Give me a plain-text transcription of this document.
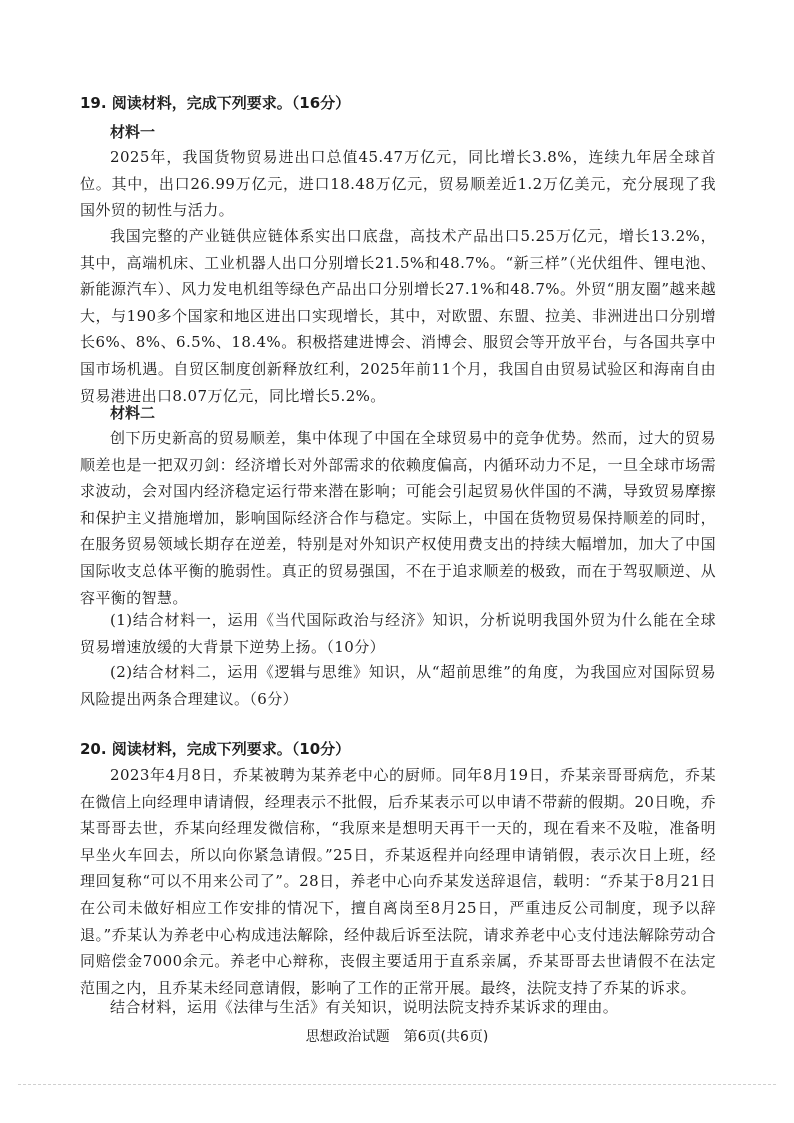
19. 阅读材料，完成下列要求。（16分）
材料一
2025年，我国货物贸易进出口总值45.47万亿元，同比增长3.8%，连续九年居全球首位。其中，出口26.99万亿元，进口18.48万亿元，贸易顺差近1.2万亿美元，充分展现了我国外贸的韧性与活力。
我国完整的产业链供应链体系实出口底盘，高技术产品出口5.25万亿元，增长13.2%，其中，高端机床、工业机器人出口分别增长21.5%和48.7%。“新三样”（光伏组件、锂电池、新能源汽车）、风力发电机组等绿色产品出口分别增长27.1%和48.7%。外贸“朋友圈”越来越大，与190多个国家和地区进出口实现增长，其中，对欧盟、东盟、拉美、非洲进出口分别增长6%、8%、6.5%、18.4%。积极搭建进博会、消博会、服贸会等开放平台，与各国共享中国市场机遇。自贸区制度创新释放红利，2025年前11个月，我国自由贸易试验区和海南自由贸易港进出口8.07万亿元，同比增长5.2%。
材料二
创下历史新高的贸易顺差，集中体现了中国在全球贸易中的竞争优势。然而，过大的贸易顺差也是一把双刃剑：经济增长对外部需求的依赖度偏高，内循环动力不足，一旦全球市场需求波动，会对国内经济稳定运行带来潜在影响；可能会引起贸易伙伴国的不满，导致贸易摩擦和保护主义措施增加，影响国际经济合作与稳定。实际上，中国在货物贸易保持顺差的同时，在服务贸易领域长期存在逆差，特别是对外知识产权使用费支出的持续大幅增加，加大了中国国际收支总体平衡的脆弱性。真正的贸易强国，不在于追求顺差的极致，而在于驾驭顺逆、从容平衡的智慧。
(1)结合材料一，运用《当代国际政治与经济》知识，分析说明我国外贸为什么能在全球贸易增速放缓的大背景下逆势上扬。（10分）
(2)结合材料二，运用《逻辑与思维》知识，从“超前思维”的角度，为我国应对国际贸易风险提出两条合理建议。（6分）
20. 阅读材料，完成下列要求。（10分）
2023年4月8日，乔某被聘为某养老中心的厨师。同年8月19日，乔某亲哥哥病危，乔某在微信上向经理申请请假，经理表示不批假，后乔某表示可以申请不带薪的假期。20日晚，乔某哥哥去世，乔某向经理发微信称，“我原来是想明天再干一天的，现在看来不及啦，准备明早坐火车回去，所以向你紧急请假。”25日，乔某返程并向经理申请销假，表示次日上班，经理回复称“可以不用来公司了”。28日，养老中心向乔某发送辞退信，载明：“乔某于8月21日在公司未做好相应工作安排的情况下，擅自离岗至8月25日，严重违反公司制度，现予以辞退。”乔某认为养老中心构成违法解除，经仲裁后诉至法院，请求养老中心支付违法解除劳动合同赔偿金7000余元。养老中心辩称，丧假主要适用于直系亲属，乔某哥哥去世请假不在法定范围之内，且乔某未经同意请假，影响了工作的正常开展。最终，法院支持了乔某的诉求。
结合材料，运用《法律与生活》有关知识，说明法院支持乔某诉求的理由。
思想政治试题　第6页(共6页)
